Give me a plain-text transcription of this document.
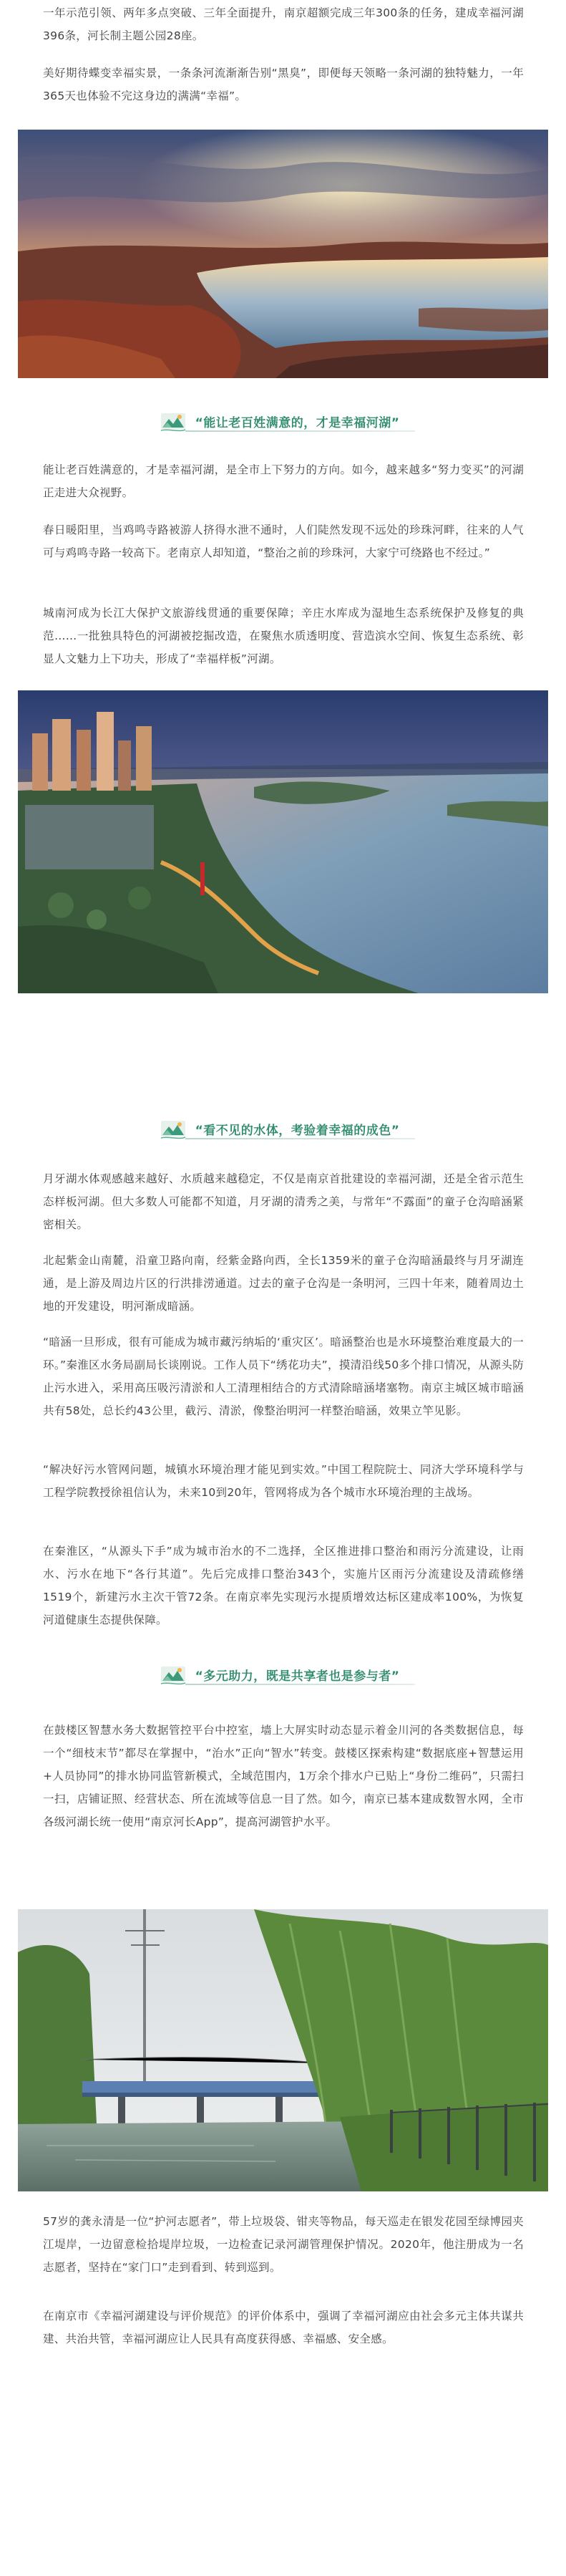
一年示范引领、两年多点突破、三年全面提升，南京超额完成三年300条的任务，建成幸福河湖396条，河长制主题公园28座。

美好期待蝶变幸福实景，一条条河流渐渐告别“黑臭”，即便每天领略一条河湖的独特魅力，一年365天也体验不完这身边的满满“幸福”。

“能让老百姓满意的，才是幸福河湖”

能让老百姓满意的，才是幸福河湖，是全市上下努力的方向。如今，越来越多“努力变买”的河湖正走进大众视野。

春日暖阳里，当鸡鸣寺路被游人挤得水泄不通时，人们陡然发现不远处的珍珠河畔，往来的人气可与鸡鸣寺路一较高下。老南京人却知道，“整治之前的珍珠河，大家宁可绕路也不经过。”

城南河成为长江大保护文旅游线贯通的重要保障；辛庄水库成为湿地生态系统保护及修复的典范……一批独具特色的河湖被挖掘改造，在聚焦水质透明度、营造滨水空间、恢复生态系统、彰显人文魅力上下功夫，形成了“幸福样板”河湖。

“看不见的水体，考验着幸福的成色”

月牙湖水体观感越来越好、水质越来越稳定，不仅是南京首批建设的幸福河湖，还是全省示范生态样板河湖。但大多数人可能都不知道，月牙湖的清秀之美，与常年“不露面”的童子仓沟暗涵紧密相关。

北起紫金山南麓，沿童卫路向南，经紫金路向西，全长1359米的童子仓沟暗涵最终与月牙湖连通，是上游及周边片区的行洪排涝通道。过去的童子仓沟是一条明河，三四十年来，随着周边土地的开发建设，明河渐成暗涵。

“暗涵一旦形成，很有可能成为城市藏污纳垢的‘重灾区’。暗涵整治也是水环境整治难度最大的一环。”秦淮区水务局副局长谈刚说。工作人员下“绣花功夫”，摸清沿线50多个排口情况，从源头防止污水进入，采用高压吸污清淤和人工清理相结合的方式清除暗涵堵塞物。南京主城区城市暗涵共有58处，总长约43公里，截污、清淤，像整治明河一样整治暗涵，效果立竿见影。

“解决好污水管网问题，城镇水环境治理才能见到实效。”中国工程院院士、同济大学环境科学与工程学院教授徐祖信认为，未来10到20年，管网将成为各个城市水环境治理的主战场。

在秦淮区，“从源头下手”成为城市治水的不二选择，全区推进排口整治和雨污分流建设，让雨水、污水在地下“各行其道”。先后完成排口整治343个，实施片区雨污分流建设及清疏修缮1519个，新建污水主次干管72条。在南京率先实现污水提质增效达标区建成率100%，为恢复河道健康生态提供保障。

“多元助力，既是共享者也是参与者”

在鼓楼区智慧水务大数据管控平台中控室，墙上大屏实时动态显示着金川河的各类数据信息，每一个“细枝末节”都尽在掌握中，“治水”正向“智水”转变。鼓楼区探索构建“数据底座+智慧运用+人员协同”的排水协同监管新模式，全域范围内，1万余个排水户已贴上“身份二维码”，只需扫一扫，店铺证照、经营状态、所在流域等信息一目了然。如今，南京已基本建成数智水网，全市各级河湖长统一使用“南京河长App”，提高河湖管护水平。

57岁的龚永清是一位“护河志愿者”，带上垃圾袋、钳夹等物品，每天巡走在银发花园至绿博园夹江堤岸，一边留意检拾堤岸垃圾，一边检查记录河湖管理保护情况。2020年，他注册成为一名志愿者，坚持在“家门口”走到看到、转到巡到。

在南京市《幸福河湖建设与评价规范》的评价体系中，强调了幸福河湖应由社会多元主体共谋共建、共治共管，幸福河湖应让人民具有高度获得感、幸福感、安全感。
